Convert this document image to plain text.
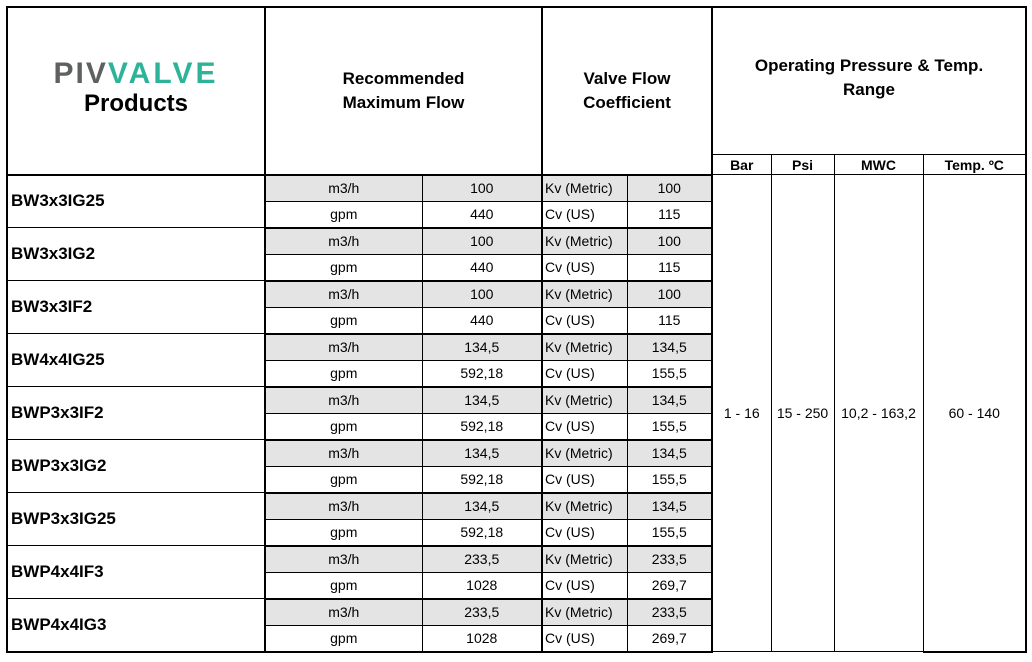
PIV VALVE
Products	Recommended Maximum Flow		Valve Flow Coefficient		Operating Pressure & Temp. Range			

					Bar	Psi	MWC	Temp. ºC
BW3x3IG25	m3/h	100	Kv (Metric)	100	1 - 16	15 - 250	10,2 - 163,2	60 - 140
	gpm	440	Cv (US)	115				
BW3x3IG2	m3/h	100	Kv (Metric)	100				
	gpm	440	Cv (US)	115				
BW3x3IF2	m3/h	100	Kv (Metric)	100				
	gpm	440	Cv (US)	115				
BW4x4IG25	m3/h	134,5	Kv (Metric)	134,5				
	gpm	592,18	Cv (US)	155,5				
BWP3x3IF2	m3/h	134,5	Kv (Metric)	134,5				
	gpm	592,18	Cv (US)	155,5				
BWP3x3IG2	m3/h	134,5	Kv (Metric)	134,5				
	gpm	592,18	Cv (US)	155,5				
BWP3x3IG25	m3/h	134,5	Kv (Metric)	134,5				
	gpm	592,18	Cv (US)	155,5				
BWP4x4IF3	m3/h	233,5	Kv (Metric)	233,5				
	gpm	1028	Cv (US)	269,7				
BWP4x4IG3	m3/h	233,5	Kv (Metric)	233,5				
	gpm	1028	Cv (US)	269,7				
